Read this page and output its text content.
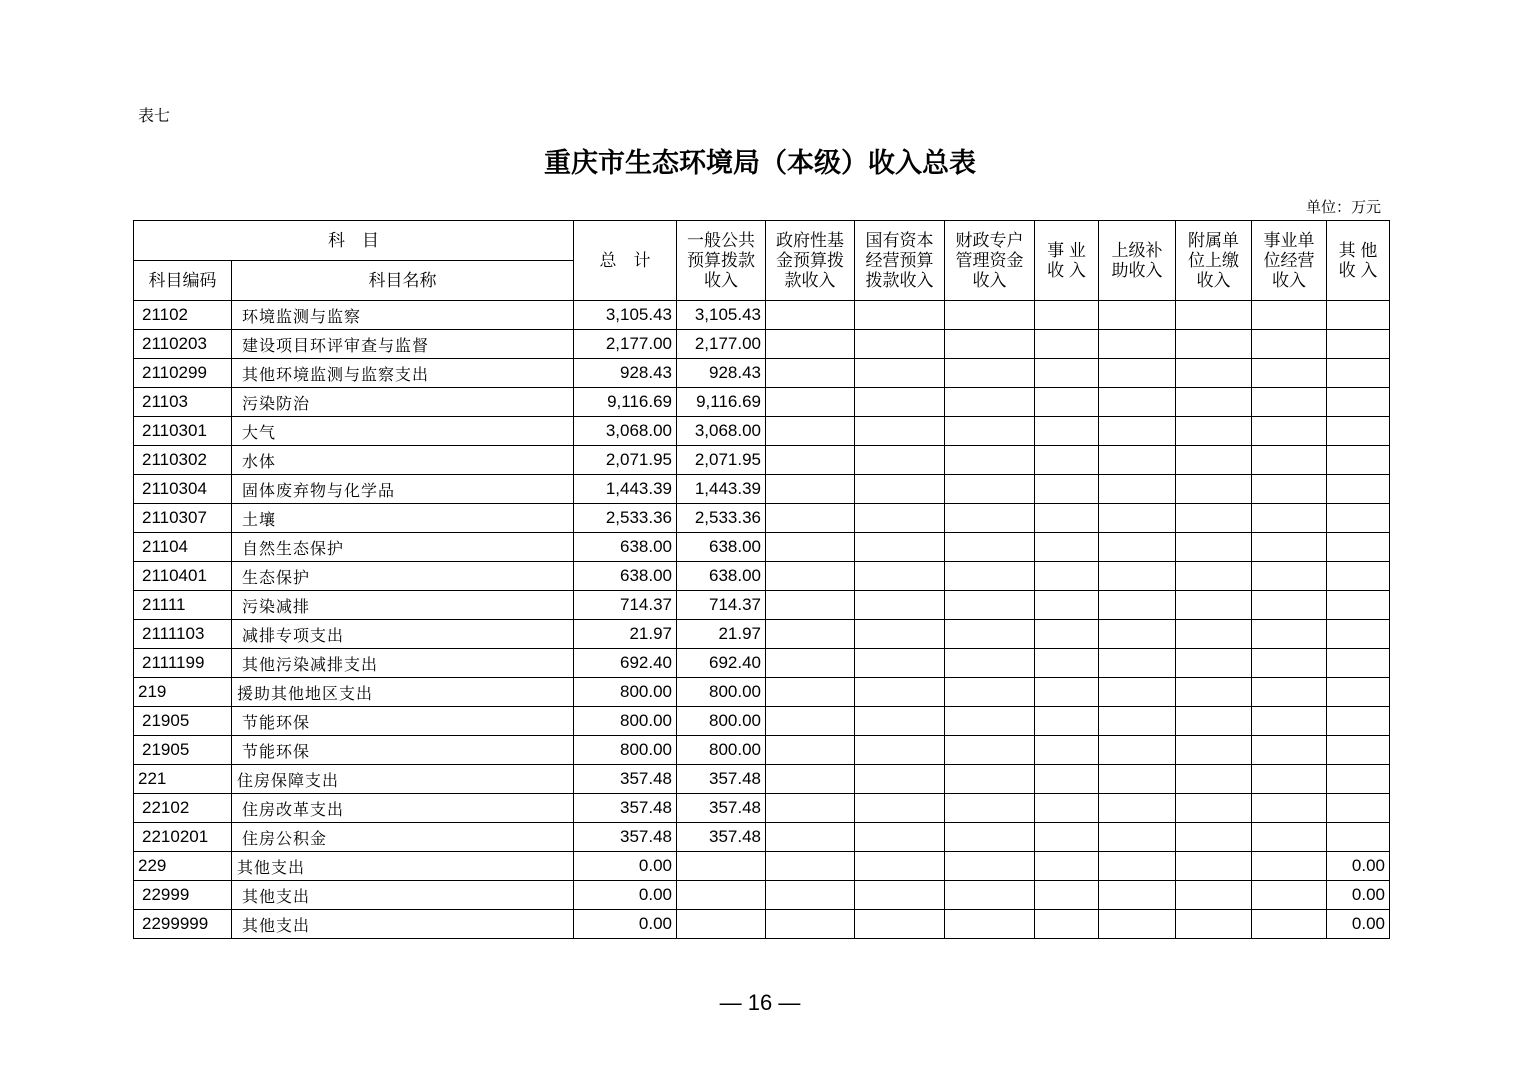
表七
重庆市生态环境局（本级）收入总表
单位：万元
科　目		总　计	一般公共
预算拨款
收入	政府性基
金预算拨
款收入	国有资本
经营预算
拨款收入	财政专户
管理资金
收入	事 业
收 入	上级补
助收入	附属单
位上缴
收入	事业单
位经营
收入	其 他
收 入

科目编码	科目名称										
21102	环境监测与监察	3,105.43	3,105.43								
2110203	建设项目环评审查与监督	2,177.00	2,177.00								
2110299	其他环境监测与监察支出	928.43	928.43								
21103	污染防治	9,116.69	9,116.69								
2110301	大气	3,068.00	3,068.00								
2110302	水体	2,071.95	2,071.95								
2110304	固体废弃物与化学品	1,443.39	1,443.39								
2110307	土壤	2,533.36	2,533.36								
21104	自然生态保护	638.00	638.00								
2110401	生态保护	638.00	638.00								
21111	污染减排	714.37	714.37								
2111103	减排专项支出	21.97	21.97								
2111199	其他污染减排支出	692.40	692.40								
219	援助其他地区支出	800.00	800.00								
21905	节能环保	800.00	800.00								
21905	节能环保	800.00	800.00								
221	住房保障支出	357.48	357.48								
22102	住房改革支出	357.48	357.48								
2210201	住房公积金	357.48	357.48								
229	其他支出	0.00									0.00
22999	其他支出	0.00									0.00
2299999	其他支出	0.00									0.00
— 16 —
